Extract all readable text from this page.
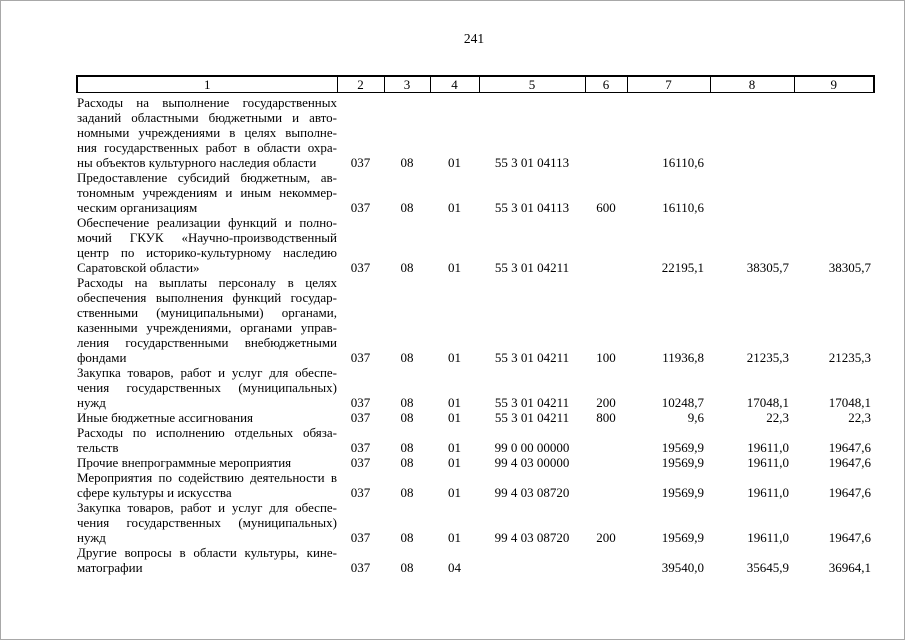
241
1	2	3	4	5	6	7	8	9

Расходы на выполнение государственных
заданий областными бюджетными и авто-
номными учреждениями в целях выполне-
ния государственных работ в области охра-
ны объектов культурного наследия области	037	08	01	55 3 01 04113		16110,6		

Предоставление субсидий бюджетным, ав-
тономным учреждениям и иным некоммер-
ческим организациям	037	08	01	55 3 01 04113	600	16110,6		

Обеспечение реализации функций и полно-
мочий ГКУК «Научно-производственный
центр по историко-культурному наследию
Саратовской области»	037	08	01	55 3 01 04211		22195,1	38305,7	38305,7

Расходы на выплаты персоналу в целях
обеспечения выполнения функций государ-
ственными (муниципальными) органами,
казенными учреждениями, органами управ-
ления государственными внебюджетными
фондами	037	08	01	55 3 01 04211	100	11936,8	21235,3	21235,3

Закупка товаров, работ и услуг для обеспе-
чения государственных (муниципальных)
нужд	037	08	01	55 3 01 04211	200	10248,7	17048,1	17048,1

Иные бюджетные ассигнования	037	08	01	55 3 01 04211	800	9,6	22,3	22,3

Расходы по исполнению отдельных обяза-
тельств	037	08	01	99 0 00 00000		19569,9	19611,0	19647,6

Прочие внепрограммные мероприятия	037	08	01	99 4 03 00000		19569,9	19611,0	19647,6

Мероприятия по содействию деятельности в
сфере культуры и искусства	037	08	01	99 4 03 08720		19569,9	19611,0	19647,6

Закупка товаров, работ и услуг для обеспе-
чения государственных (муниципальных)
нужд	037	08	01	99 4 03 08720	200	19569,9	19611,0	19647,6

Другие вопросы в области культуры, кине-
матографии	037	08	04			39540,0	35645,9	36964,1
